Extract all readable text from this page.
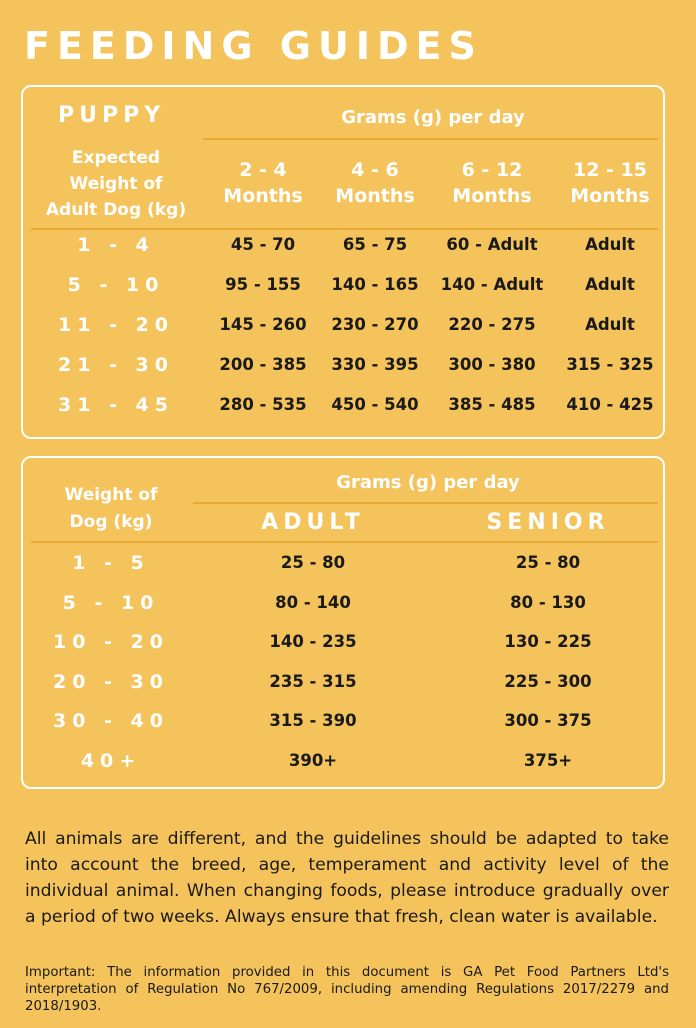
FEEDING GUIDES
PUPPY	Grams (g) per day
Expected
Weight of
Adult Dog (kg)
2 - 4
Months
4 - 6
Months
6 - 12
Months
12 - 15
Months
1 - 4	45 - 70	65 - 75	60 - Adult	Adult
5 - 10	95 - 155	140 - 165	140 - Adult	Adult
11 - 20	145 - 260	230 - 270	220 - 275	Adult
21 - 30	200 - 385	330 - 395	300 - 380	315 - 325
31 - 45	280 - 535	450 - 540	385 - 485	410 - 425
Grams (g) per day
Weight of
Dog (kg)	ADULT	SENIOR
1 - 5	25 - 80	25 - 80
5 - 10	80 - 140	80 - 130
10 - 20	140 - 235	130 - 225
20 - 30	235 - 315	225 - 300
30 - 40	315 - 390	300 - 375
40+	390+	375+
All animals are different, and the guidelines should be adapted to take into account the breed, age, temperament and activity level of the individual animal. When changing foods, please introduce gradually over a period of two weeks. Always ensure that fresh, clean water is available.
Important: The information provided in this document is GA Pet Food Partners Ltd's interpretation of Regulation No 767/2009, including amending Regulations 2017/2279 and 2018/1903.
